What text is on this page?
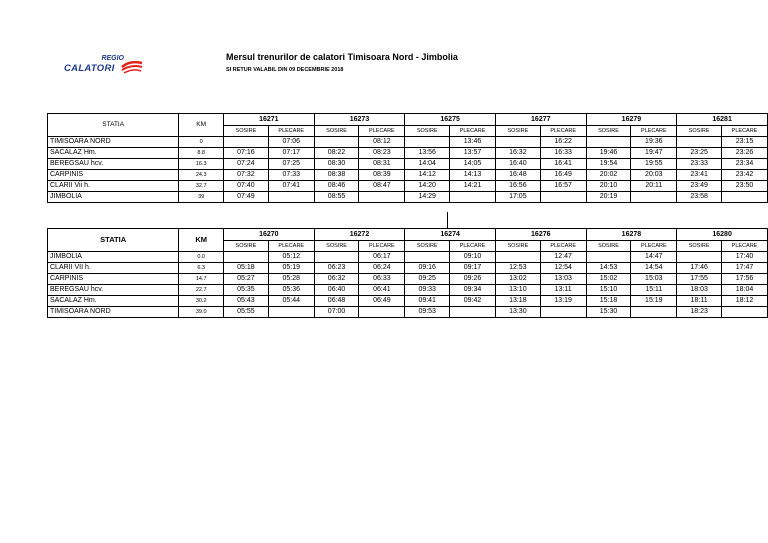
REGIO
CALATORI
Mersul trenurilor de calatori Timisoara Nord - Jimbolia
SI RETUR VALABIL DIN 09 DECEMBRIE 2018
STATIA	KM	16271		16273		16275		16277		16279		16281	
		SOSIRE	PLECARE	SOSIRE	PLECARE	SOSIRE	PLECARE	SOSIRE	PLECARE	SOSIRE	PLECARE	SOSIRE	PLECARE
TIMISOARA NORD	0		07:06		08:12		13:46		16:22		19:36		23:15
SACALAZ Hm.	8.8	07:16	07:17	08:22	08:23	13:56	13:57	16:32	16:33	19:46	19:47	23:25	23:26
BEREGSAU hcv.	16.3	07:24	07:25	08:30	08:31	14:04	14:05	16:40	16:41	19:54	19:55	23:33	23:34
CARPINIS	24.3	07:32	07:33	08:38	08:39	14:12	14:13	16:48	16:49	20:02	20:03	23:41	23:42
CLARII Vii h.	32.7	07:40	07:41	08:46	08:47	14:20	14:21	16:56	16:57	20:10	20:11	23:49	23:50
JIMBOLIA	39	07:49		08:55		14:29		17:05		20:19		23:58	
STATIA	KM	16270		16272		16274		16276		16278		16280	
		SOSIRE	PLECARE	SOSIRE	PLECARE	SOSIRE	PLECARE	SOSIRE	PLECARE	SOSIRE	PLECARE	SOSIRE	PLECARE
JIMBOLIA	0.0		05:12		06:17		09:10		12:47		14:47		17:40
CLARII VII h.	6.3	05:18	05:19	06:23	06:24	09:16	09:17	12:53	12:54	14:53	14:54	17:46	17:47
CARPINIS	14.7	05:27	05:28	06:32	06:33	09:25	09:26	13:02	13:03	15:02	15:03	17:55	17:56
BEREGSAU hcv.	22.7	05:35	05:36	06:40	06:41	09:33	09:34	13:10	13:11	15:10	15:11	18:03	18:04
SACALAZ Hm.	30.2	05:43	05:44	06:48	06:49	09:41	09:42	13:18	13:19	15:18	15:19	18:11	18:12
TIMISOARA NORD	39.0	05:55		07:00		09:53		13:30		15:30		18:23	
